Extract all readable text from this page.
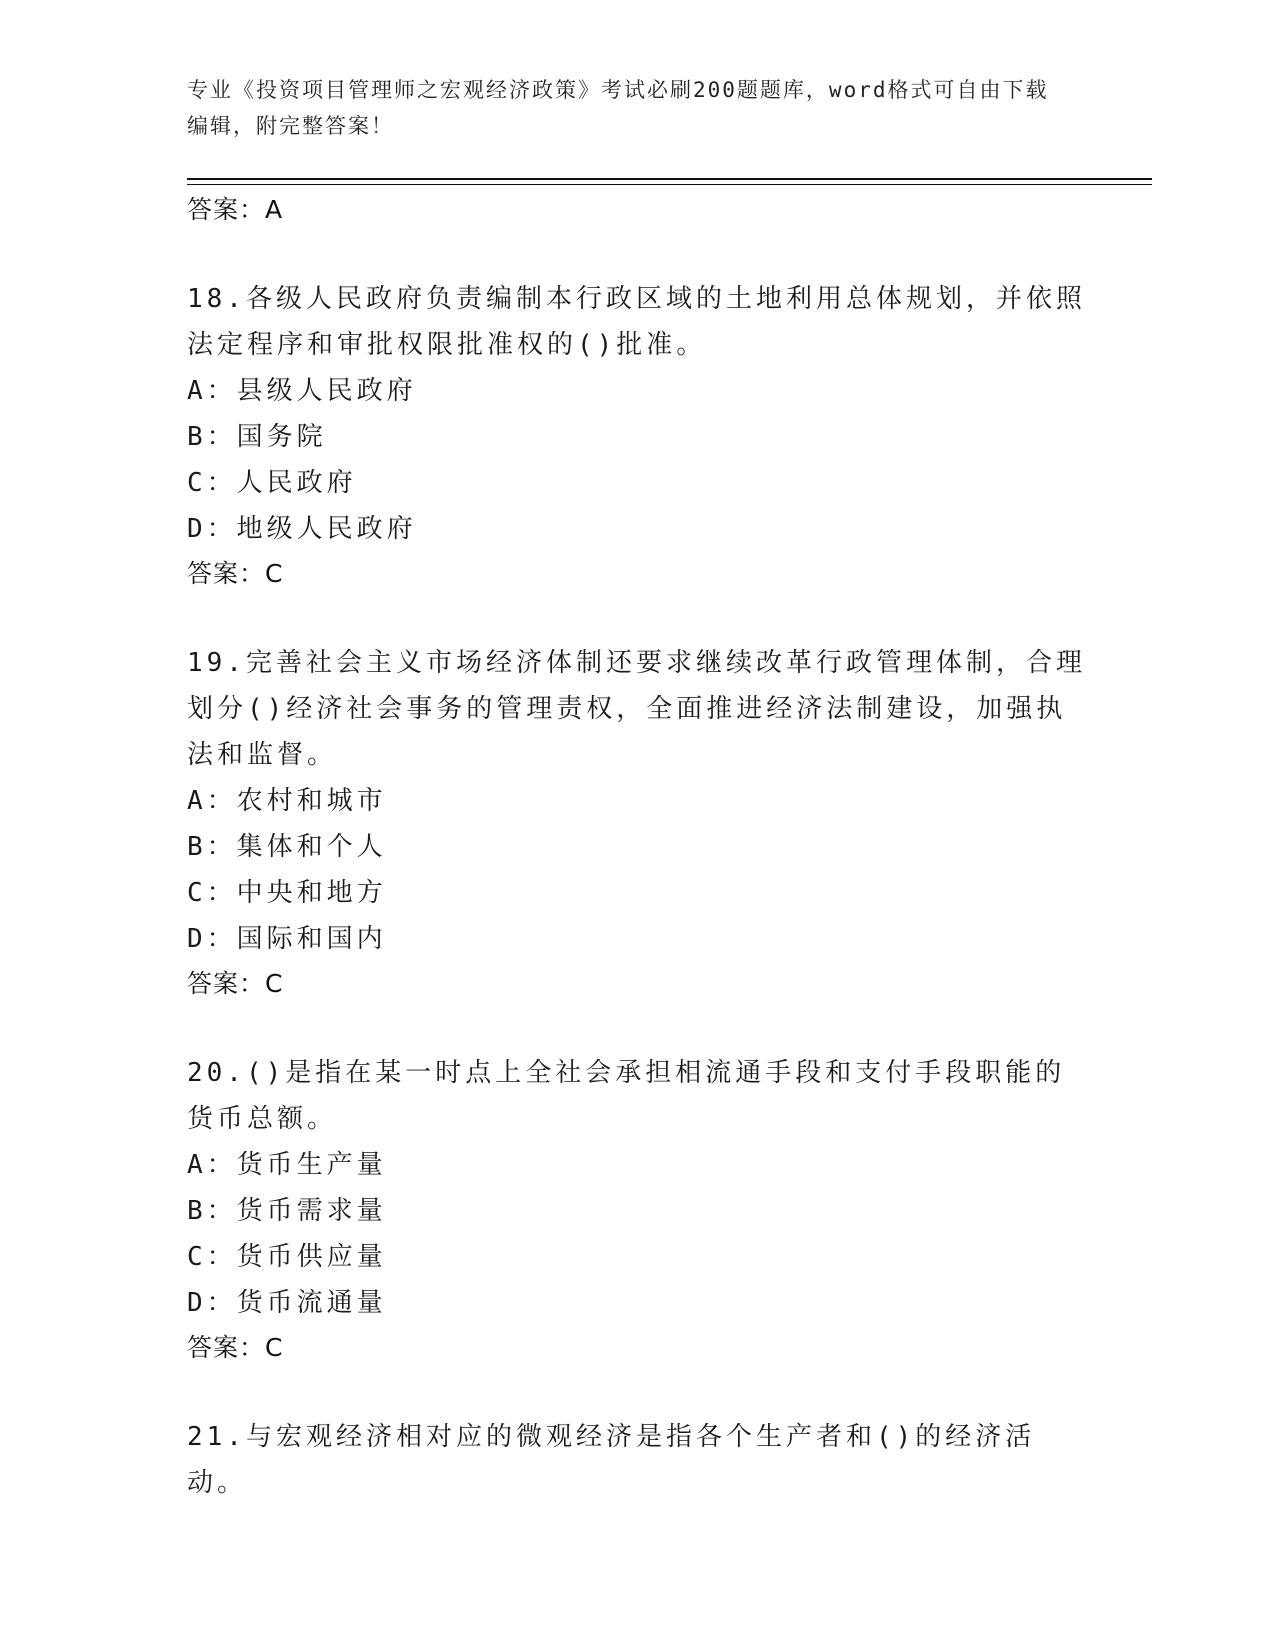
专业《投资项目管理师之宏观经济政策》考试必刷200题题库，word格式可自由下载编辑，附完整答案！

答案：A

18.各级人民政府负责编制本行政区域的土地利用总体规划，并依照法定程序和审批权限批准权的()批准。

A：县级人民政府

B：国务院

C：人民政府

D：地级人民政府

答案：C

19.完善社会主义市场经济体制还要求继续改革行政管理体制，合理划分()经济社会事务的管理责权，全面推进经济法制建设，加强执法和监督。

A：农村和城市

B：集体和个人

C：中央和地方

D：国际和国内

答案：C

20.()是指在某一时点上全社会承担相流通手段和支付手段职能的货币总额。

A：货币生产量

B：货币需求量

C：货币供应量

D：货币流通量

答案：C

21.与宏观经济相对应的微观经济是指各个生产者和()的经济活动。
